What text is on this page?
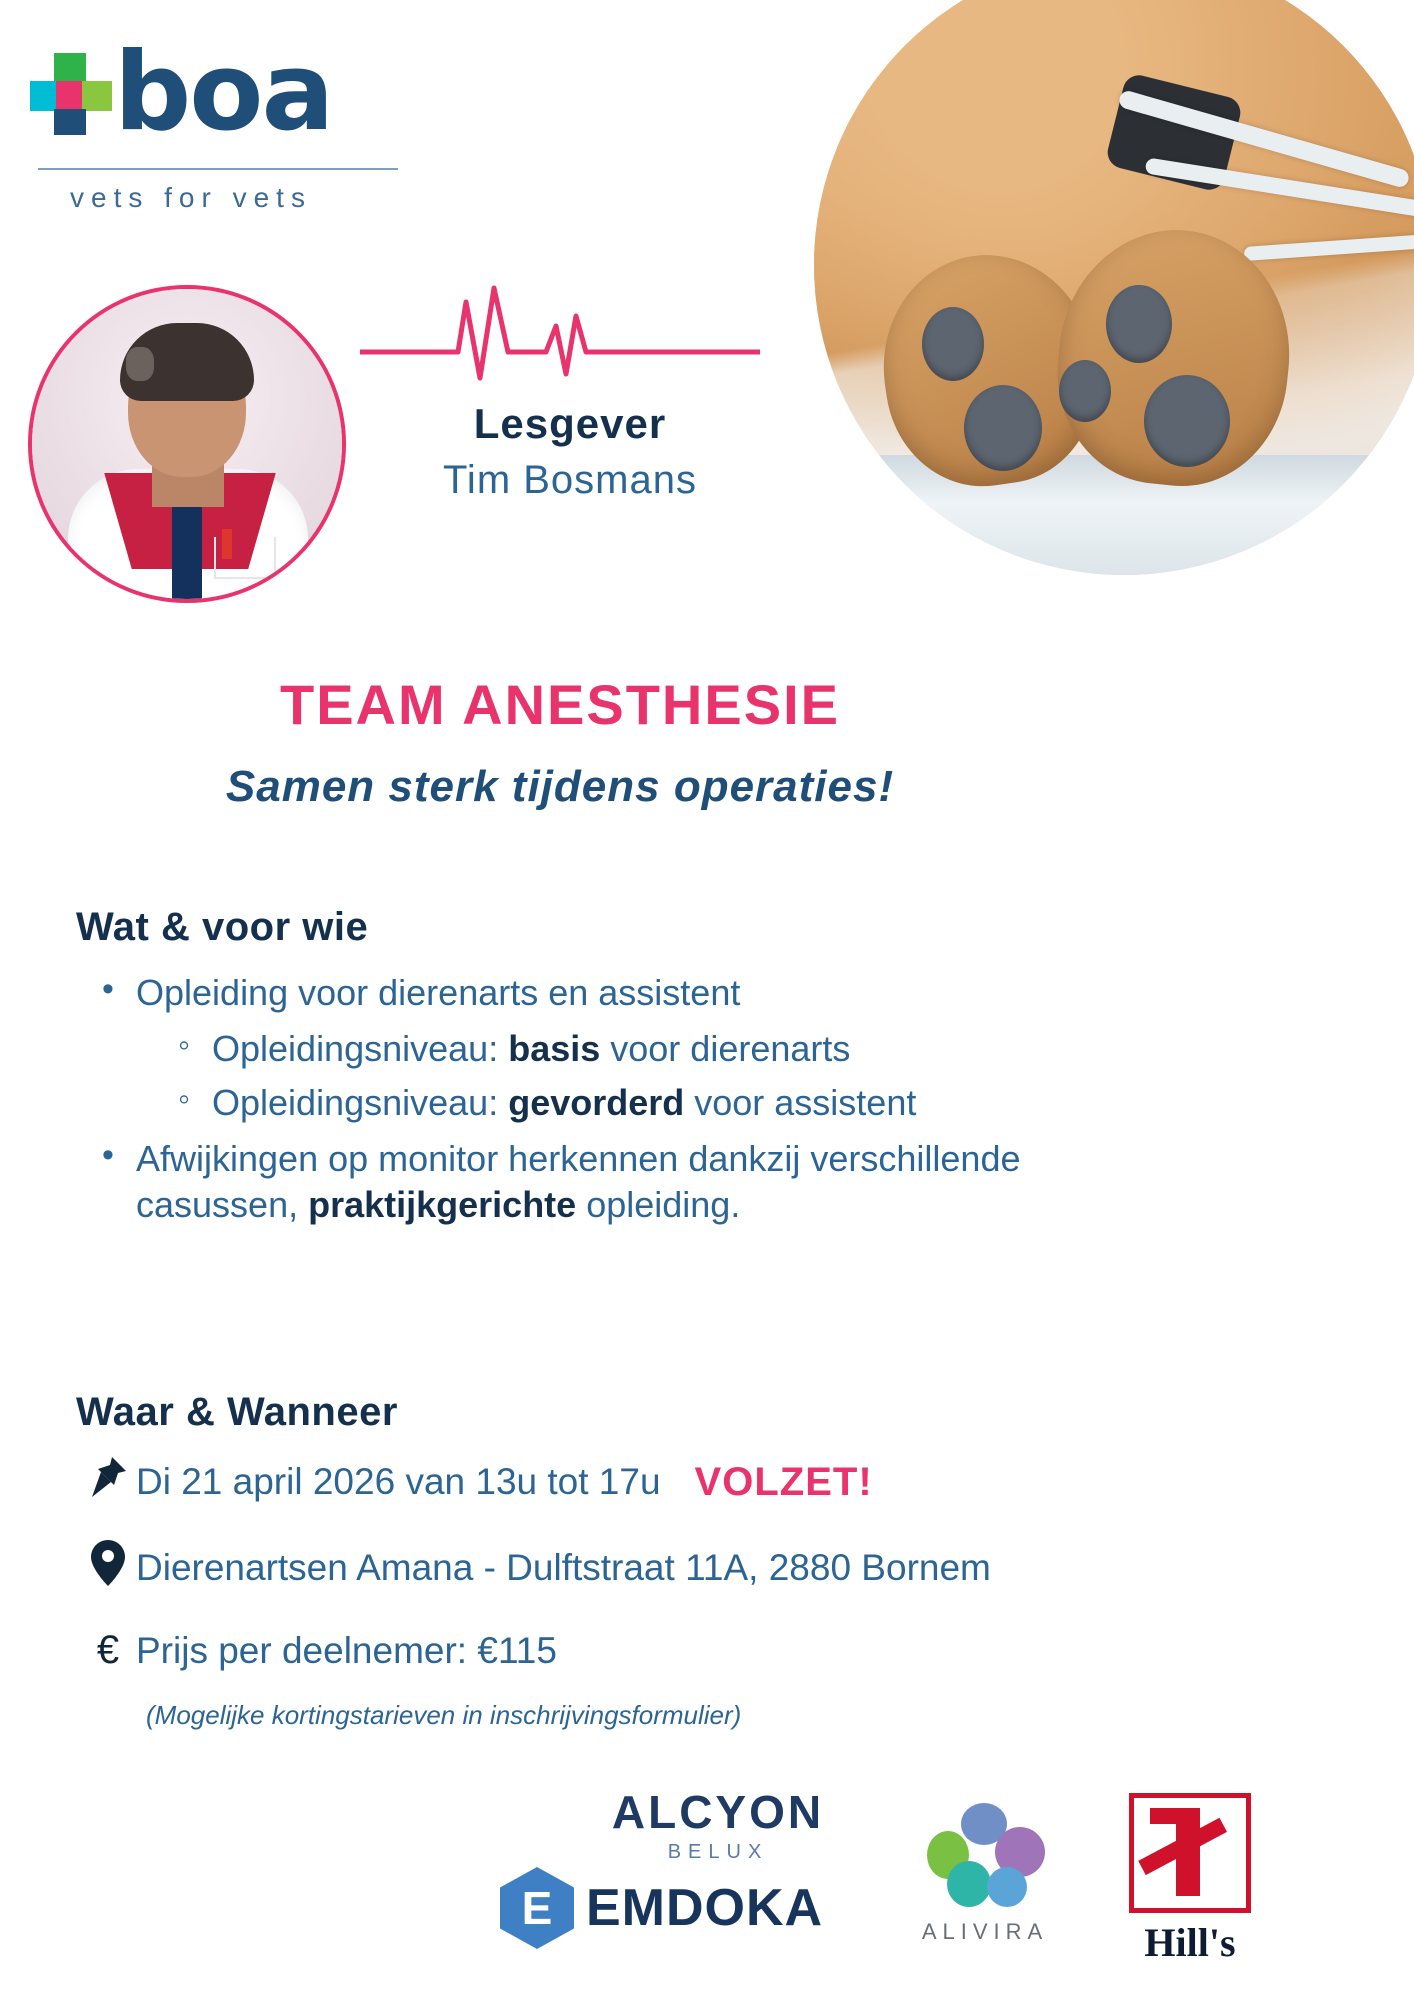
boa
vets for vets
Lesgever
Tim Bosmans
TEAM ANESTHESIE
Samen sterk tijdens operaties!
Wat & voor wie
• Opleiding voor dierenarts en assistent
◦ Opleidingsniveau: basis voor dierenarts
◦ Opleidingsniveau: gevorderd voor assistent
• Afwijkingen op monitor herkennen dankzij verschillende casussen, praktijkgerichte opleiding.
Waar & Wanneer
Di 21 april 2026 van 13u tot 17u VOLZET!
Dierenartsen Amana - Dulftstraat 11A, 2880 Bornem
€ Prijs per deelnemer: €115
(Mogelijke kortingstarieven in inschrijvingsformulier)
ALCYON
BELUX
E
EMDOKA	ALIVIRA	Hill's
